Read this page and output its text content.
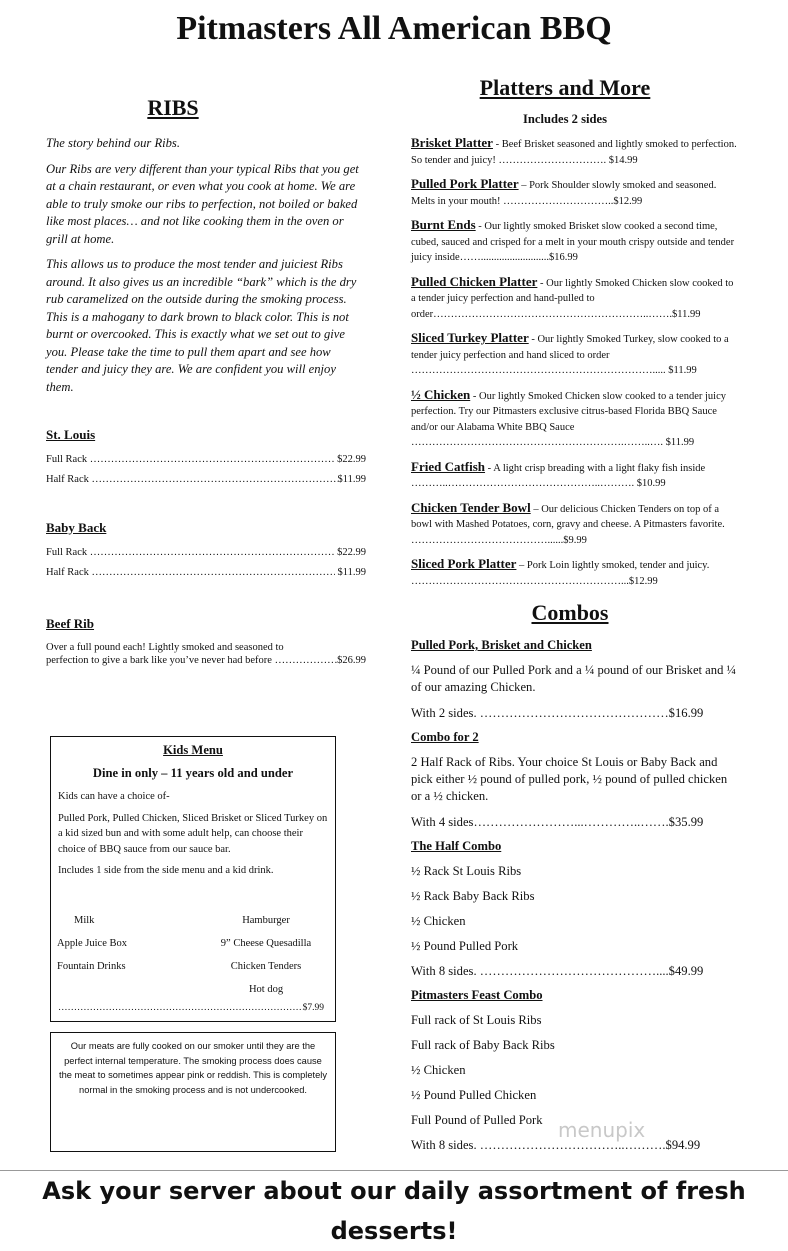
Pitmasters All American BBQ
RIBS

The story behind our Ribs.

Our Ribs are very different than your typical Ribs that you get at a chain restaurant, or even what you cook at home. We are able to truly smoke our ribs to perfection, not boiled or baked like most places… and not like cooking them in the oven or grill at home.

This allows us to produce the most tender and juiciest Ribs around. It also gives us an incredible “bark” which is the dry rub caramelized on the outside during the smoking process. This is a mahogany to dark brown to black color. This is not burnt or overcooked. This is exactly what we set out to give you. Please take the time to pull them apart and see how tender and juicy they are. We are confident you will enjoy them.

St. Louis
Full Rack
……………………………………………………………………………………………………………………
	$22.99
Half Rack
……………………………………………………………………………………………………………………	$11.99
Baby Back
Full Rack
……………………………………………………………………………………………………………………
	$22.99
Half Rack
……………………………………………………………………………………………………………………
	$11.99
Beef Rib
Over a full pound each! Lightly smoked and seasoned to
perfection to give a bark like you’ve never had before
……………………………………………………………………………………………………………………	$26.99
Kids Menu
Dine in only – 11 years old and under
Kids can have a choice of-
Pulled Pork, Pulled Chicken, Sliced Brisket or Sliced Turkey on a kid sized bun and with some adult help, can choose their choice of BBQ sauce from our sauce bar.
Includes 1 side from the side menu and a kid drink.
Milk
Apple Juice Box
Fountain Drinks
Hamburger
9” Cheese Quesadilla
Chicken Tenders
Hot dog
……………………………………………………………………………………………………………………
$7.99
Our meats are fully cooked on our smoker until they are the perfect internal temperature. The smoking process does cause the meat to sometimes appear pink or reddish. This is completely normal in the smoking process and is not undercooked.
Platters and More
Includes 2 sides

Brisket Platter - Beef Brisket seasoned and lightly smoked to perfection. So tender and juicy! …………………………. $14.99

Pulled Pork Platter – Pork Shoulder slowly smoked and seasoned. Melts in your mouth! …………………………..$12.99

Burnt Ends - Our lightly smoked Brisket slow cooked a second time, cubed, sauced and crisped for a melt in your mouth crispy outside and tender juicy inside……..........................$16.99

Pulled Chicken Platter - Our lightly Smoked Chicken slow cooked to a tender juicy perfection and hand-pulled to order……………………………………………………..…….$11.99

Sliced Turkey Platter - Our lightly Smoked Turkey, slow cooked to a tender juicy perfection and hand sliced to order ……………………………………………………………..... $11.99

½ Chicken - Our lightly Smoked Chicken slow cooked to a tender juicy perfection. Try our Pitmasters exclusive citrus-based Florida BBQ Sauce and/or our Alabama White BBQ Sauce …………………………………………………….……..…. $11.99

Fried Catfish - A light crisp breading with a light flaky fish inside ………..……………………………………..………. $10.99

Chicken Tender Bowl – Our delicious Chicken Tenders on top of a bowl with Mashed Potatoes, corn, gravy and cheese. A Pitmasters favorite. …………………………………......$9.99

Sliced Pork Platter – Pork Loin lightly smoked, tender and juicy. ……………………………………………………...$12.99

Combos

Pulled Pork, Brisket and Chicken

¼ Pound of our Pulled Pork and a ¼ pound of our Brisket and ¼ of our amazing Chicken.

With 2 sides. ………………………………………$16.99

Combo for 2

2 Half Rack of Ribs. Your choice St Louis or Baby Back and pick either ½ pound of pulled pork, ½ pound of pulled chicken or a ½ chicken.

With 4 sides……………………...…………..…….$35.99

The Half Combo

½ Rack St Louis Ribs

½ Rack Baby Back Ribs

½ Chicken

½ Pound Pulled Pork

With 8 sides. ……………………………………....$49.99

Pitmasters Feast Combo

Full rack of St Louis Ribs

Full rack of Baby Back Ribs

½ Chicken

½ Pound Pulled Chicken

Full Pound of Pulled Pork

With 8 sides. ……………………………..……….$94.99

menupix
Ask your server about our daily assortment of fresh desserts!
